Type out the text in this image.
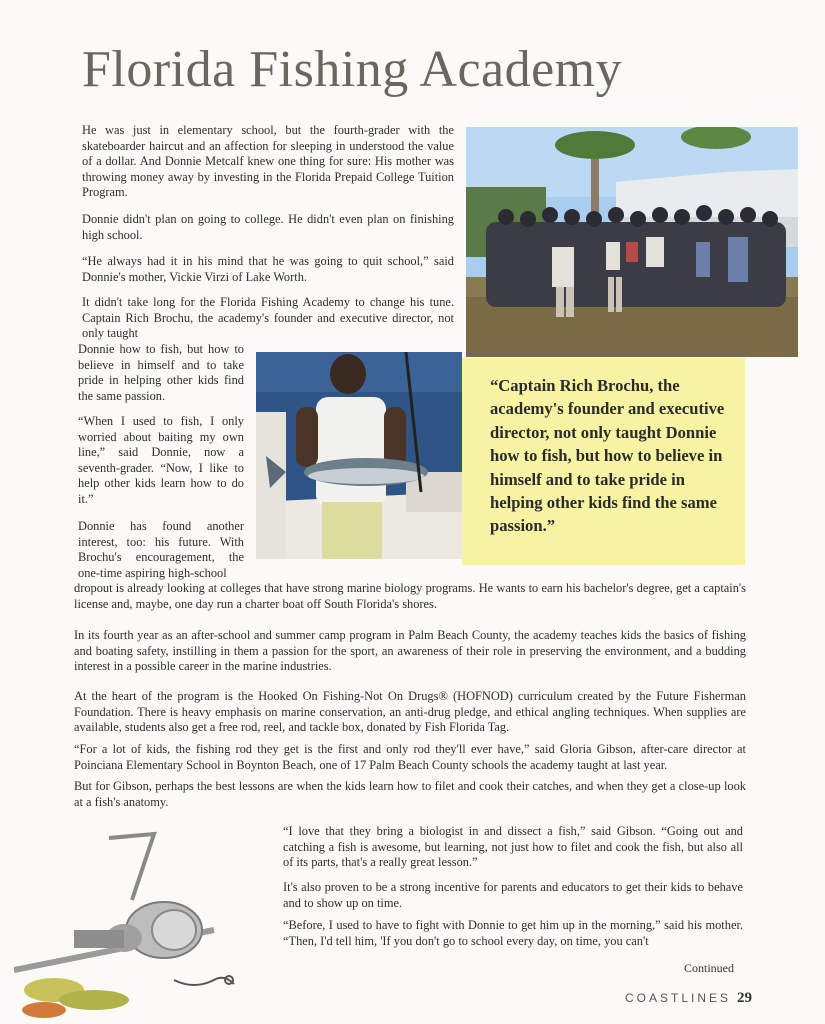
Florida Fishing Academy

He was just in elementary school, but the fourth-grader with the skateboarder haircut and an affection for sleeping in understood the value of a dollar. And Donnie Metcalf knew one thing for sure: His mother was throwing money away by investing in the Florida Prepaid College Tuition Program.

Donnie didn't plan on going to college. He didn't even plan on finishing high school.

“He always had it in his mind that he was going to quit school,” said Donnie's mother, Vickie Virzi of Lake Worth.

It didn't take long for the Florida Fishing Academy to change his tune. Captain Rich Brochu, the academy's founder and executive director, not only taught

Donnie how to fish, but how to believe in himself and to take pride in helping other kids find the same passion.

“When I used to fish, I only worried about baiting my own line,” said Donnie, now a seventh-grader. “Now, I like to help other kids learn how to do it.”

Donnie has found another interest, too: his future. With Brochu's encouragement, the one-time aspiring high-school

“Captain Rich Brochu, the academy's founder and executive director, not only taught Donnie how to fish, but how to believe in himself and to take pride in helping other kids find the same passion.”

dropout is already looking at colleges that have strong marine biology programs. He wants to earn his bachelor's degree, get a captain's license and, maybe, one day run a charter boat off South Florida's shores.

In its fourth year as an after-school and summer camp program in Palm Beach County, the academy teaches kids the basics of fishing and boating safety, instilling in them a passion for the sport, an awareness of their role in preserving the environment, and a budding interest in a possible career in the marine industries.

At the heart of the program is the Hooked On Fishing-Not On Drugs® (HOFNOD) curriculum created by the Future Fisherman Foundation. There is heavy emphasis on marine conservation, an anti-drug pledge, and ethical angling techniques. When supplies are available, students also get a free rod, reel, and tackle box, donated by Fish Florida Tag.

“For a lot of kids, the fishing rod they get is the first and only rod they'll ever have,” said Gloria Gibson, after-care director at Poinciana Elementary School in Boynton Beach, one of 17 Palm Beach County schools the academy taught at last year.

But for Gibson, perhaps the best lessons are when the kids learn how to filet and cook their catches, and when they get a close-up look at a fish's anatomy.

“I love that they bring a biologist in and dissect a fish,” said Gibson. “Going out and catching a fish is awesome, but learning, not just how to filet and cook the fish, but also all of its parts, that's a really great lesson.”

It's also proven to be a strong incentive for parents and educators to get their kids to behave and to show up on time.

“Before, I used to have to fight with Donnie to get him up in the morning,” said his mother. “Then, I'd tell him, 'If you don't go to school every day, on time, you can't

Continued
COASTLINES 29
